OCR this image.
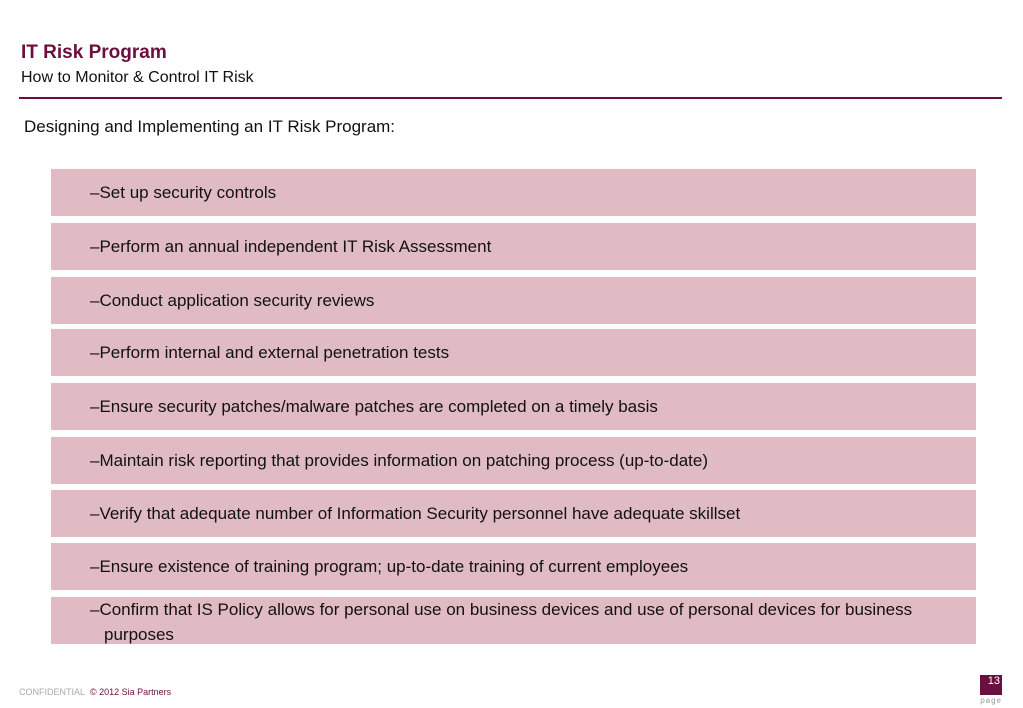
IT Risk Program
How to Monitor & Control IT Risk
Designing and Implementing an IT Risk Program:
–Set up security controls
–Perform an annual independent IT Risk Assessment
–Conduct application security reviews
–Perform internal and external penetration tests
–Ensure security patches/malware patches are completed on a timely basis
–Maintain risk reporting that provides information on patching process (up-to-date)
–Verify that adequate number of Information Security personnel have adequate skillset
–Ensure existence of training program; up-to-date training of current employees
–Confirm that IS Policy allows for personal use on business devices and use of personal devices for business purposes
CONFIDENTIAL © 2012 Sia Partners
13
page
